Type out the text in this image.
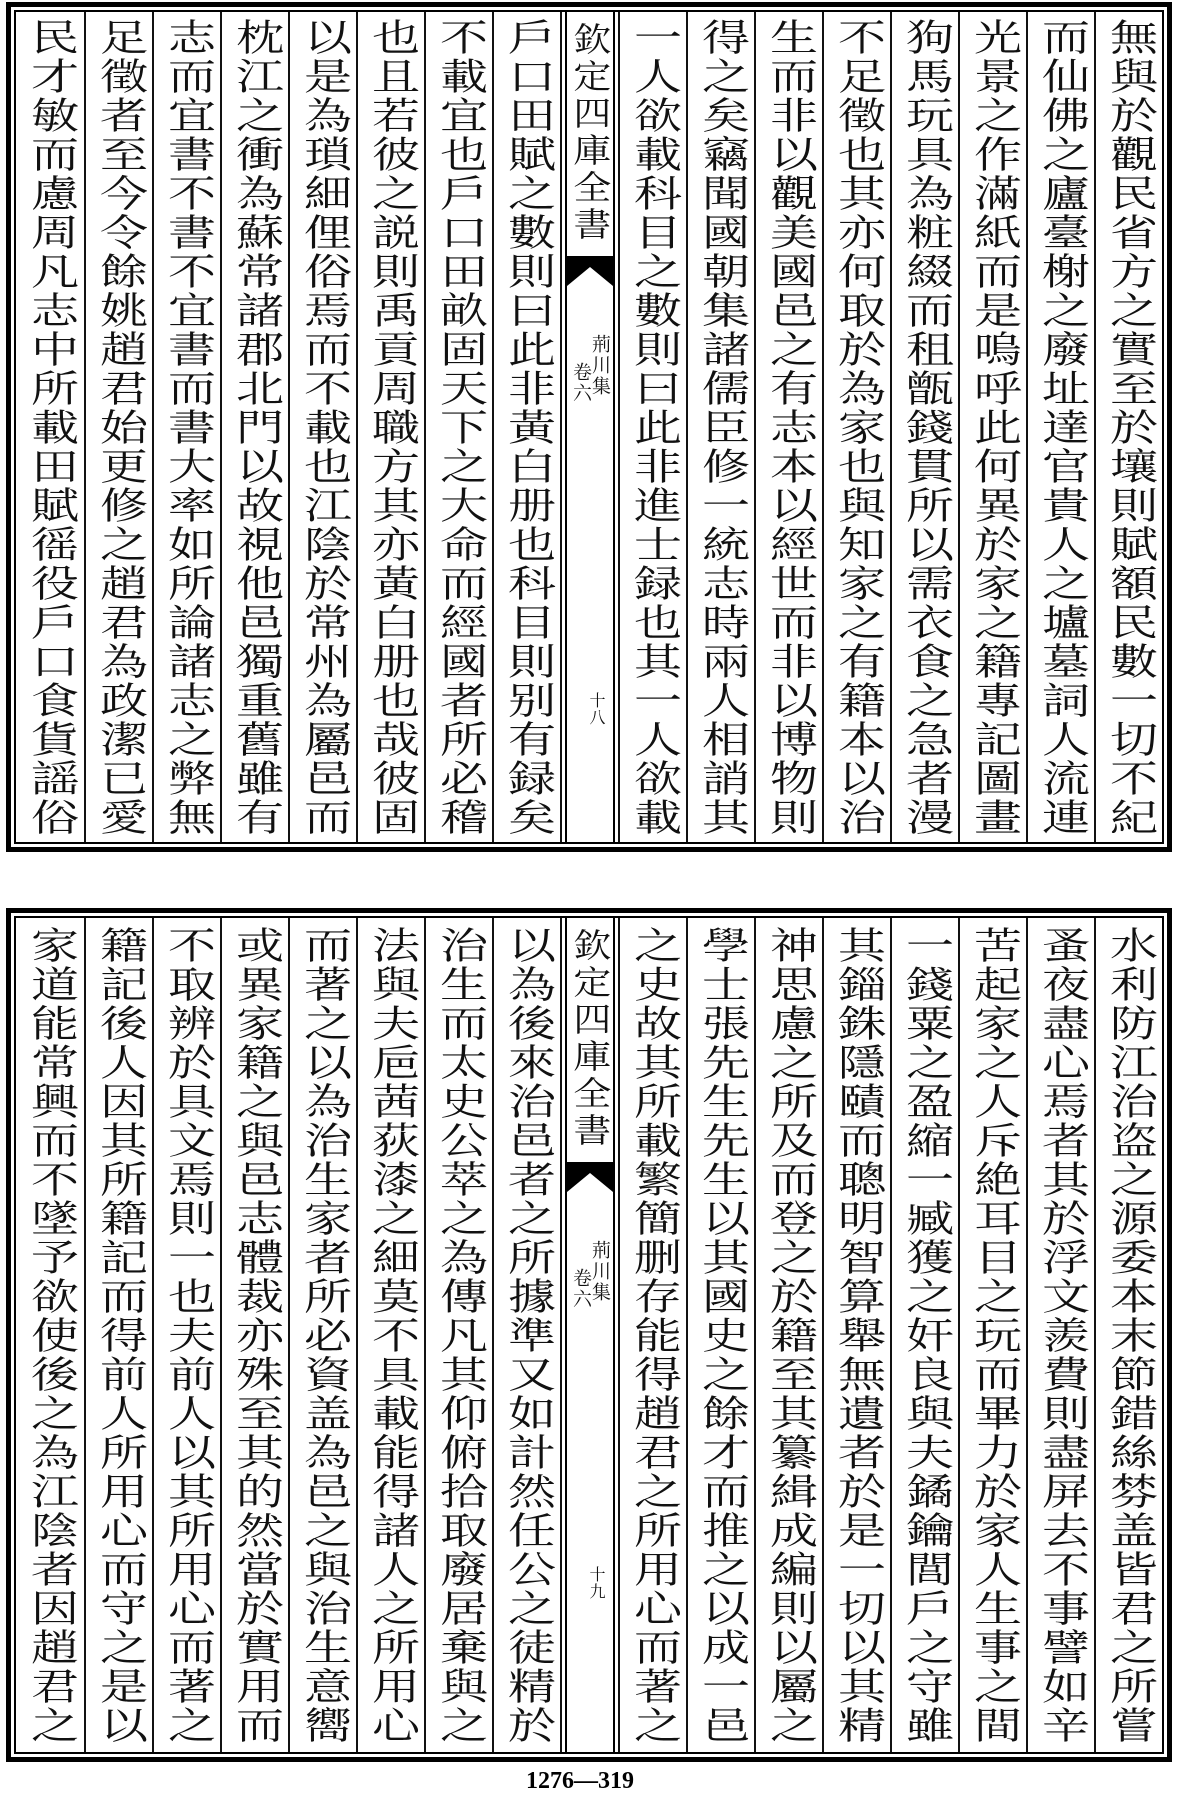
無與於觀民省方之實至於壤則賦額民數一切不紀
而仙佛之廬臺榭之廢址達官貴人之壚墓詞人流連
光景之作滿紙而是嗚呼此何異於家之籍專記圖畫
狗馬玩具為粧綴而租甑錢貫所以需衣食之急者漫
不足徵也其亦何取於為家也與知家之有籍本以治
生而非以觀美國邑之有志本以經世而非以博物則
得之矣竊聞國朝集諸儒臣修一統志時兩人相誚其
一人欲載科目之數則曰此非進士録也其一人欲載
欽定四庫全書
荊川集
卷六
十八
戶口田賦之數則曰此非黃白册也科目則别有録矣
不載宜也戶口田畝固天下之大命而經國者所必稽
也且若彼之説則禹貢周職方其亦黃白册也哉彼固
以是為瑣細俚俗焉而不載也江陰於常州為屬邑而
枕江之衝為蘇常諸郡北門以故視他邑獨重舊雖有
志而宜書不書不宜書而書大率如所論諸志之弊無
足徵者至今令餘姚趙君始更修之趙君為政潔已愛
民才敏而慮周凡志中所載田賦徭役戶口食貨謡俗
水利防江治盗之源委本末節錯絲棼盖皆君之所嘗
蚤夜盡心焉者其於浮文羨費則盡屏去不事譬如辛
苦起家之人斥絶耳目之玩而畢力於家人生事之間
一錢粟之盈縮一臧獲之奸良與夫鐍鑰閭戶之守雖
其錙銖隱賾而聰明智算舉無遺者於是一切以其精
神思慮之所及而登之於籍至其纂緝成編則以屬之
學士張先生先生以其國史之餘才而推之以成一邑
之史故其所載繁簡删存能得趙君之所用心而著之
欽定四庫全書
荊川集
卷六
十九
以為後來治邑者之所據準又如計然任公之徒精於
治生而太史公萃之為傳凡其仰俯拾取廢居棄與之
法與夫巵茜荻漆之細莫不具載能得諸人之所用心
而著之以為治生家者所必資盖為邑之與治生意嚮
或異家籍之與邑志體裁亦殊至其的然當於實用而
不取辨於具文焉則一也夫前人以其所用心而著之
籍記後人因其所籍記而得前人所用心而守之是以
家道能常興而不墜予欲使後之為江陰者因趙君之
1276—319
